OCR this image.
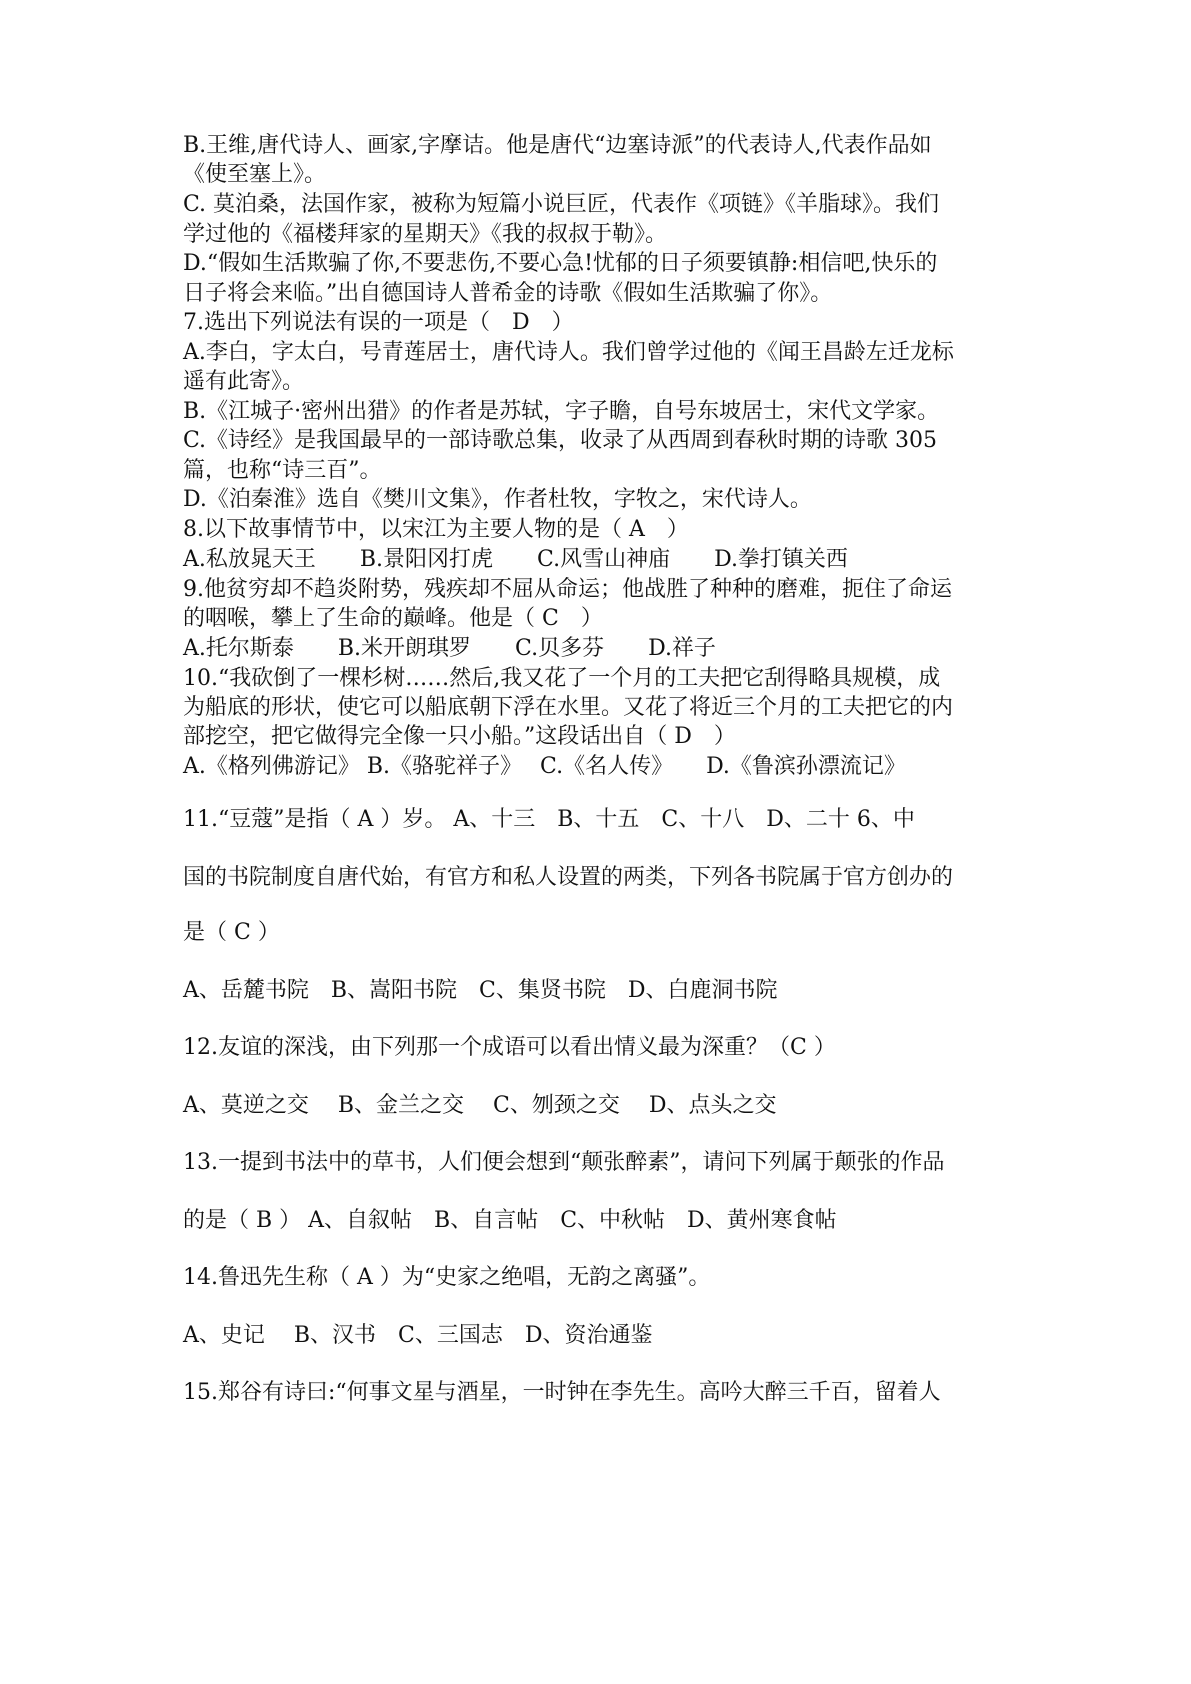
B.王维,唐代诗人、画家,字摩诘。他是唐代“边塞诗派”的代表诗人,代表作品如

《使至塞上》。

C. 莫泊桑，法国作家，被称为短篇小说巨匠，代表作《项链》《羊脂球》。我们

学过他的《福楼拜家的星期天》《我的叔叔于勒》。

D.“假如生活欺骗了你,不要悲伤,不要心急!忧郁的日子须要镇静:相信吧,快乐的

日子将会来临。”出自德国诗人普希金的诗歌《假如生活欺骗了你》。

7.选出下列说法有误的一项是（　D　）

A.李白，字太白，号青莲居士，唐代诗人。我们曾学过他的《闻王昌龄左迁龙标

遥有此寄》。

B.《江城子·密州出猎》的作者是苏轼，字子瞻，自号东坡居士，宋代文学家。

C.《诗经》是我国最早的一部诗歌总集，收录了从西周到春秋时期的诗歌 305

篇，也称“诗三百”。

D.《泊秦淮》选自《樊川文集》，作者杜牧，字牧之，宋代诗人。

8.以下故事情节中，以宋江为主要人物的是（ A　）

A.私放晁天王　　B.景阳冈打虎　　C.风雪山神庙　　D.拳打镇关西

9.他贫穷却不趋炎附势，残疾却不屈从命运；他战胜了种种的磨难，扼住了命运

的咽喉，攀上了生命的巅峰。他是（ C　）

A.托尔斯泰　　B.米开朗琪罗　　C.贝多芬　　D.祥子

10.“我砍倒了一棵杉树……然后,我又花了一个月的工夫把它刮得略具规模，成

为船底的形状，使它可以船底朝下浮在水里。又花了将近三个月的工夫把它的内

部挖空，把它做得完全像一只小船。”这段话出自（ D　）

A.《格列佛游记》 B.《骆驼祥子》　 C.《名人传》　　D.《鲁滨孙漂流记》

11.“豆蔻”是指（ A ）岁。 A、十三　B、十五　C、十八　D、二十 6、中

国的书院制度自唐代始，有官方和私人设置的两类，下列各书院属于官方创办的

是（ C ）

A、岳麓书院　B、嵩阳书院　C、集贤书院　D、白鹿洞书院

12.友谊的深浅，由下列那一个成语可以看出情义最为深重？（C ）

A、莫逆之交　 B、金兰之交　 C、刎颈之交　 D、点头之交

13.一提到书法中的草书，人们便会想到“颠张醉素”，请问下列属于颠张的作品

的是（ B ） A、自叙帖　B、自言帖　C、中秋帖　D、黄州寒食帖

14.鲁迅先生称（ A ）为“史家之绝唱，无韵之离骚”。

A、史记　 B、汉书　C、三国志　D、资治通鉴

15.郑谷有诗曰:“何事文星与酒星，一时钟在李先生。高吟大醉三千百，留着人
